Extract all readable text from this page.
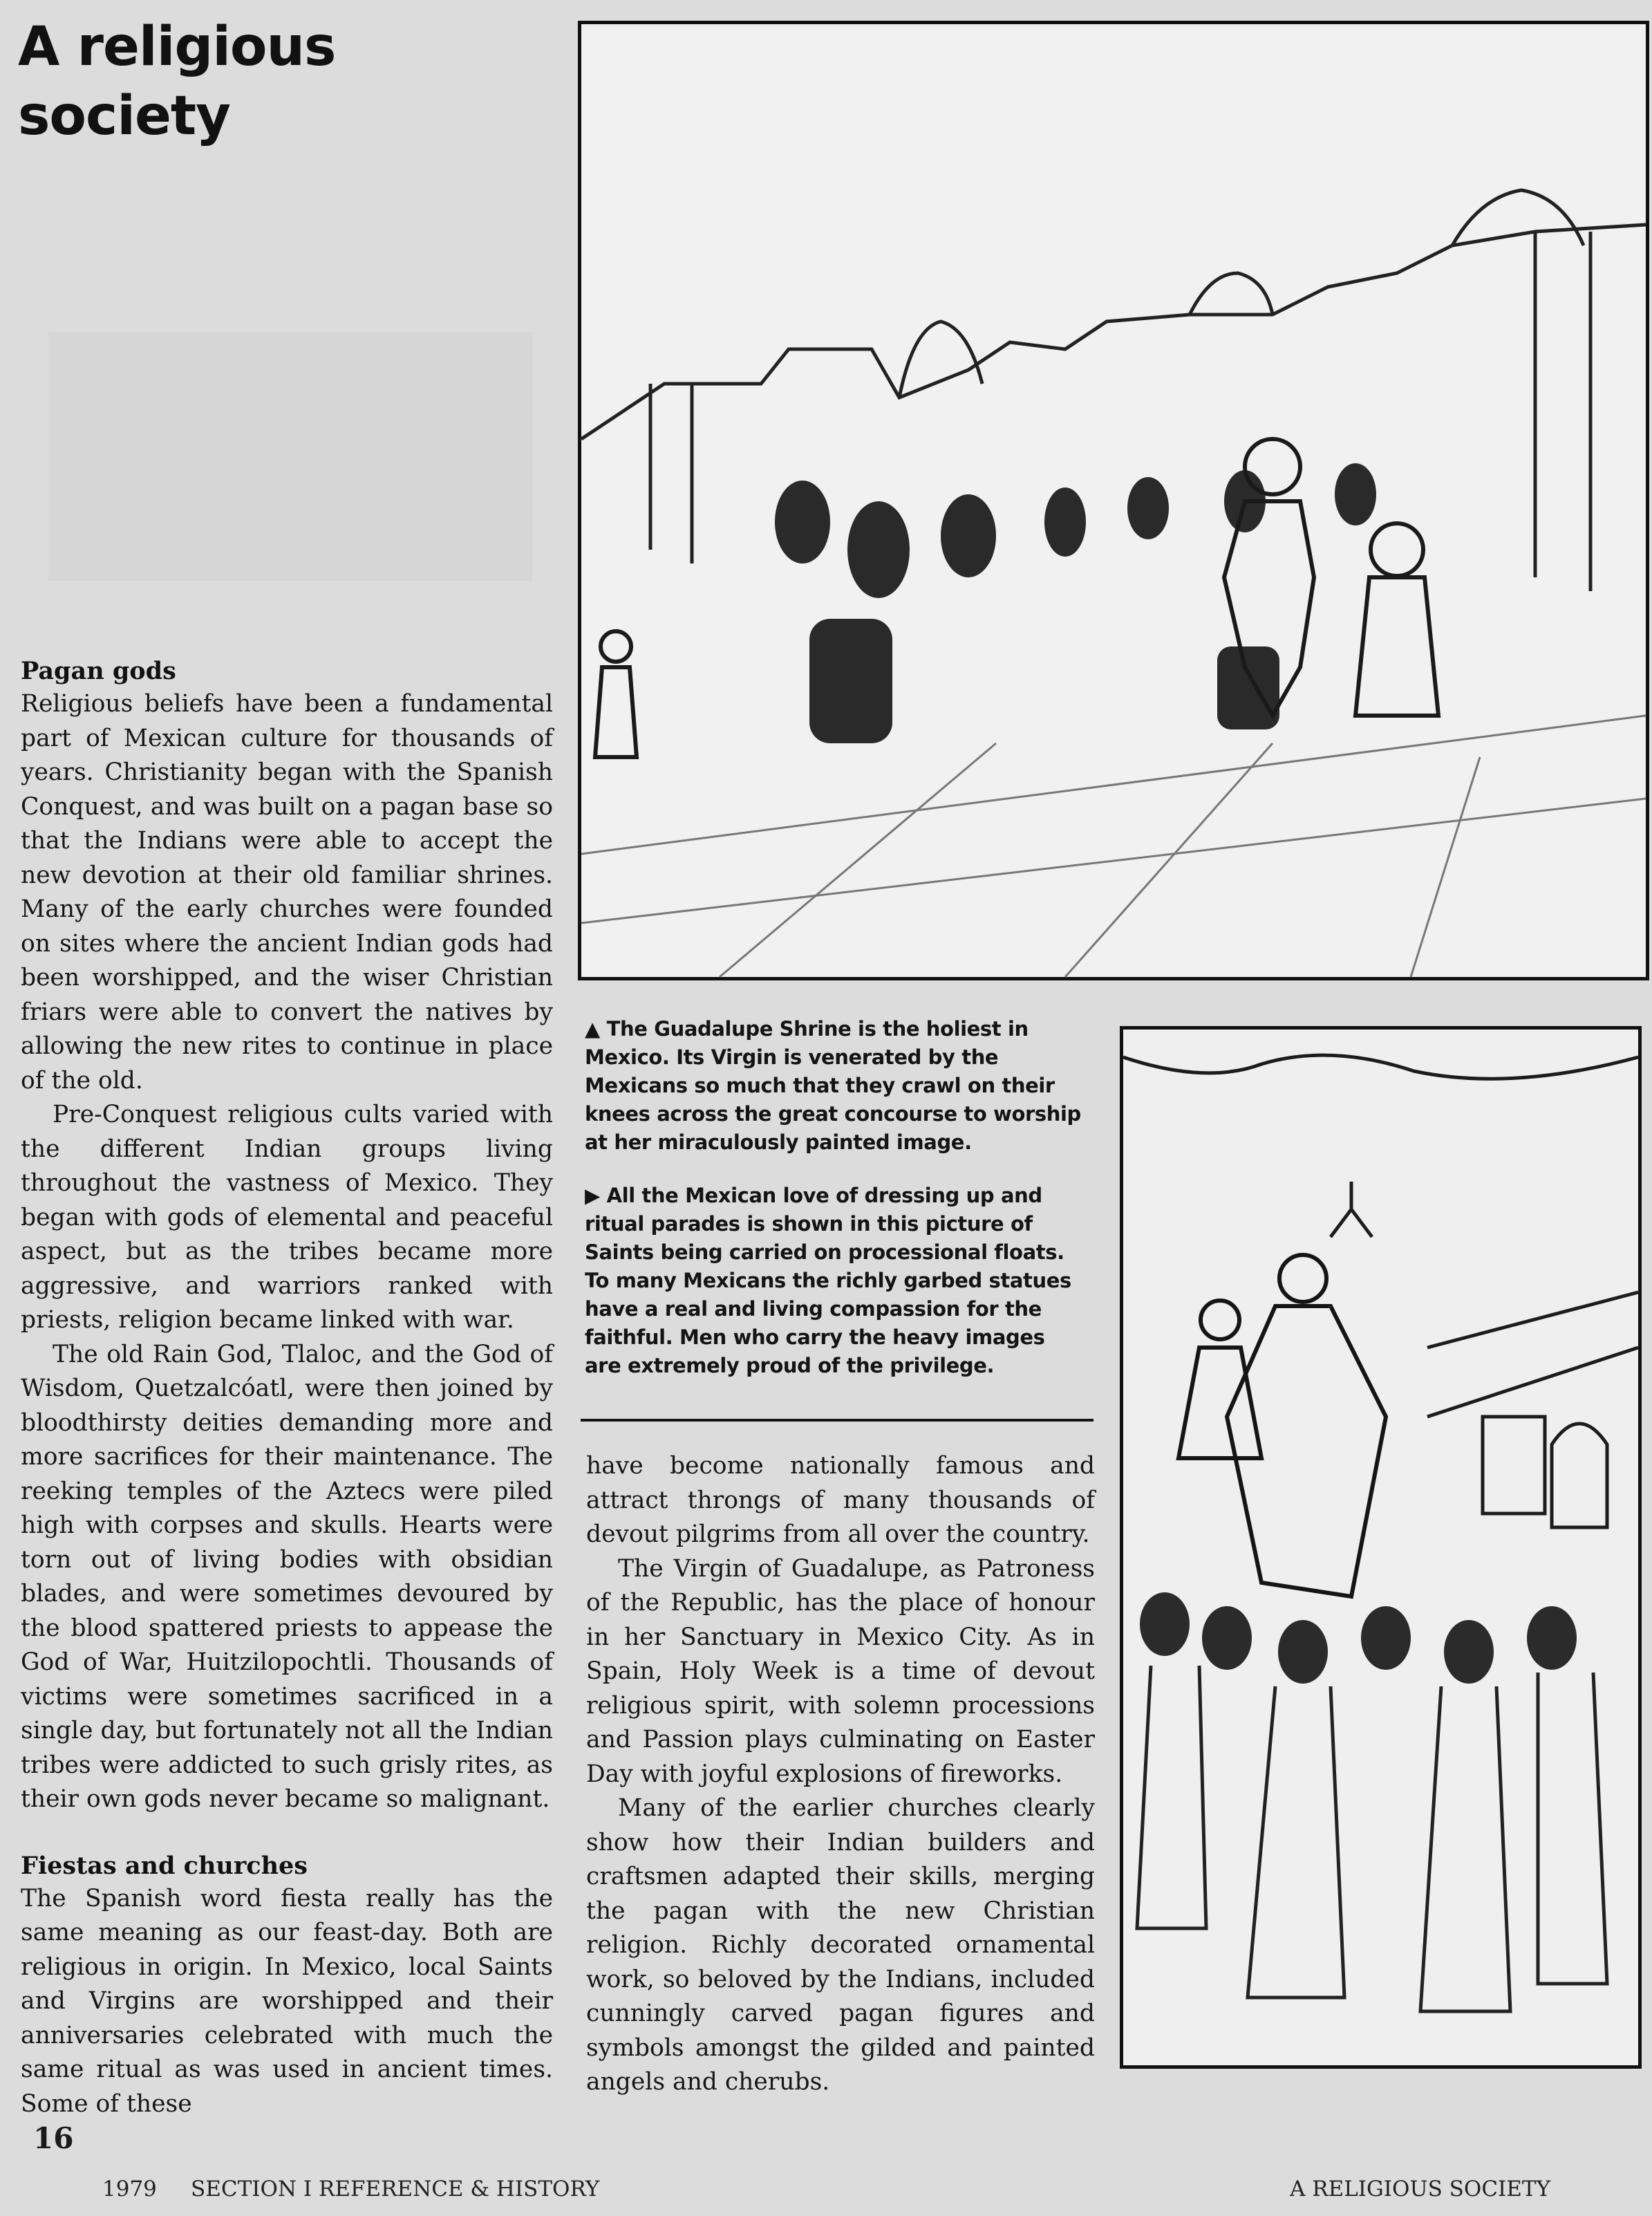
A religious
society
Pagan gods

Religious beliefs have been a fundamental part of Mexican culture for thousands of years. Christianity began with the Spanish Conquest, and was built on a pagan base so that the Indians were able to accept the new devotion at their old familiar shrines. Many of the early churches were founded on sites where the ancient Indian gods had been worshipped, and the wiser Christian friars were able to convert the natives by allowing the new rites to continue in place of the old.

Pre-Conquest religious cults varied with the different Indian groups living throughout the vastness of Mexico. They began with gods of elemental and peaceful aspect, but as the tribes became more aggressive, and warriors ranked with priests, religion became linked with war.

The old Rain God, Tlaloc, and the God of Wisdom, Quetzalcóatl, were then joined by bloodthirsty deities demanding more and more sacrifices for their maintenance. The reeking temples of the Aztecs were piled high with corpses and skulls. Hearts were torn out of living bodies with obsidian blades, and were sometimes devoured by the blood spattered priests to appease the God of War, Huitzilopochtli. Thousands of victims were sometimes sacrificed in a single day, but fortunately not all the Indian tribes were addicted to such grisly rites, as their own gods never became so malignant.

Fiestas and churches

The Spanish word fiesta really has the same meaning as our feast-day. Both are religious in origin. In Mexico, local Saints and Virgins are worshipped and their anniversaries celebrated with much the same ritual as was used in ancient times. Some of these

▲ The Guadalupe Shrine is the holiest in Mexico. Its Virgin is venerated by the Mexicans so much that they crawl on their knees across the great concourse to worship at her miraculously painted image.

▶ All the Mexican love of dressing up and ritual parades is shown in this picture of Saints being carried on processional floats. To many Mexicans the richly garbed statues have a real and living compassion for the faithful. Men who carry the heavy images are extremely proud of the privilege.

have become nationally famous and attract throngs of many thousands of devout pilgrims from all over the country.

The Virgin of Guadalupe, as Patroness of the Republic, has the place of honour in her Sanctuary in Mexico City. As in Spain, Holy Week is a time of devout religious spirit, with solemn processions and Passion plays culminating on Easter Day with joyful explosions of fireworks.

Many of the earlier churches clearly show how their Indian builders and craftsmen adapted their skills, merging the pagan with the new Christian religion. Richly decorated ornamental work, so beloved by the Indians, included cunningly carved pagan figures and symbols amongst the gilded and painted angels and cherubs.

16
1979 SECTION I REFERENCE & HISTORY	A RELIGIOUS SOCIETY
